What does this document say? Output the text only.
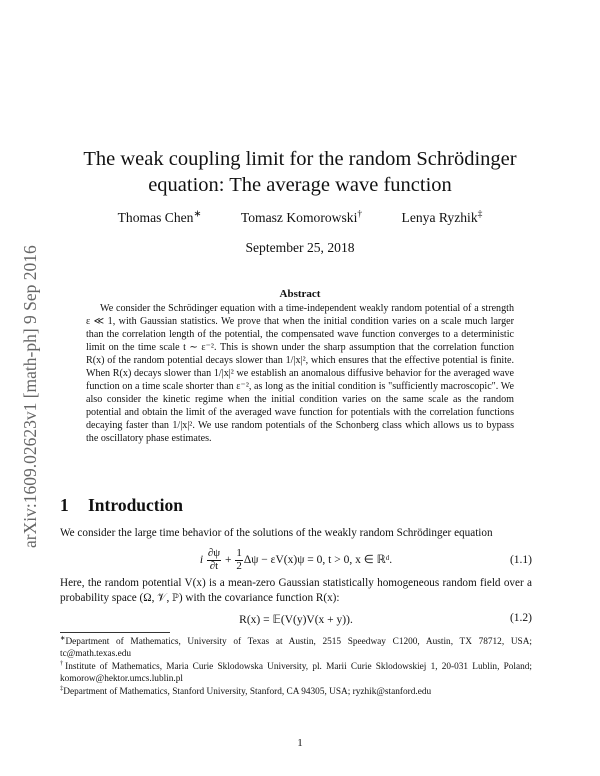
arXiv:1609.02623v1 [math-ph] 9 Sep 2016
The weak coupling limit for the random Schrödinger
equation: The average wave function
Thomas Chen∗	Tomasz Komorowski†	Lenya Ryzhik‡
September 25, 2018
Abstract
We consider the Schrödinger equation with a time-independent weakly random potential of a strength ε ≪ 1, with Gaussian statistics. We prove that when the initial condition varies on a scale much larger than the correlation length of the potential, the compensated wave function converges to a deterministic limit on the time scale t ∼ ε⁻². This is shown under the sharp assumption that the correlation function R(x) of the random potential decays slower than 1/|x|², which ensures that the effective potential is finite. When R(x) decays slower than 1/|x|² we establish an anomalous diffusive behavior for the averaged wave function on a time scale shorter than ε⁻², as long as the initial condition is "sufficiently macroscopic". We also consider the kinetic regime when the initial condition varies on the same scale as the random potential and obtain the limit of the averaged wave function for potentials with the correlation functions decaying faster than 1/|x|². We use random potentials of the Schonberg class which allows us to bypass the oscillatory phase estimates.
1 Introduction
We consider the large time behavior of the solutions of the weakly random Schrödinger equation
i $\frac{\partial\psi}{\partial t} + \frac{1}{2}$ Δψ − εV(x)ψ = 0, t > 0, x ∈ ℝᵈ.	(1.1)
Here, the random potential V(x) is a mean-zero Gaussian statistically homogeneous random field over a probability space (Ω, 𝒱, ℙ) with the covariance function R(x):
R(x) = 𝔼(V(y)V(x + y)).	(1.2)
∗Department of Mathematics, University of Texas at Austin, 2515 Speedway C1200, Austin, TX 78712, USA; tc@math.texas.edu
†Institute of Mathematics, Maria Curie Sklodowska University, pl. Marii Curie Sklodowskiej 1, 20-031 Lublin, Poland; komorow@hektor.umcs.lublin.pl
‡Department of Mathematics, Stanford University, Stanford, CA 94305, USA; ryzhik@stanford.edu
1
